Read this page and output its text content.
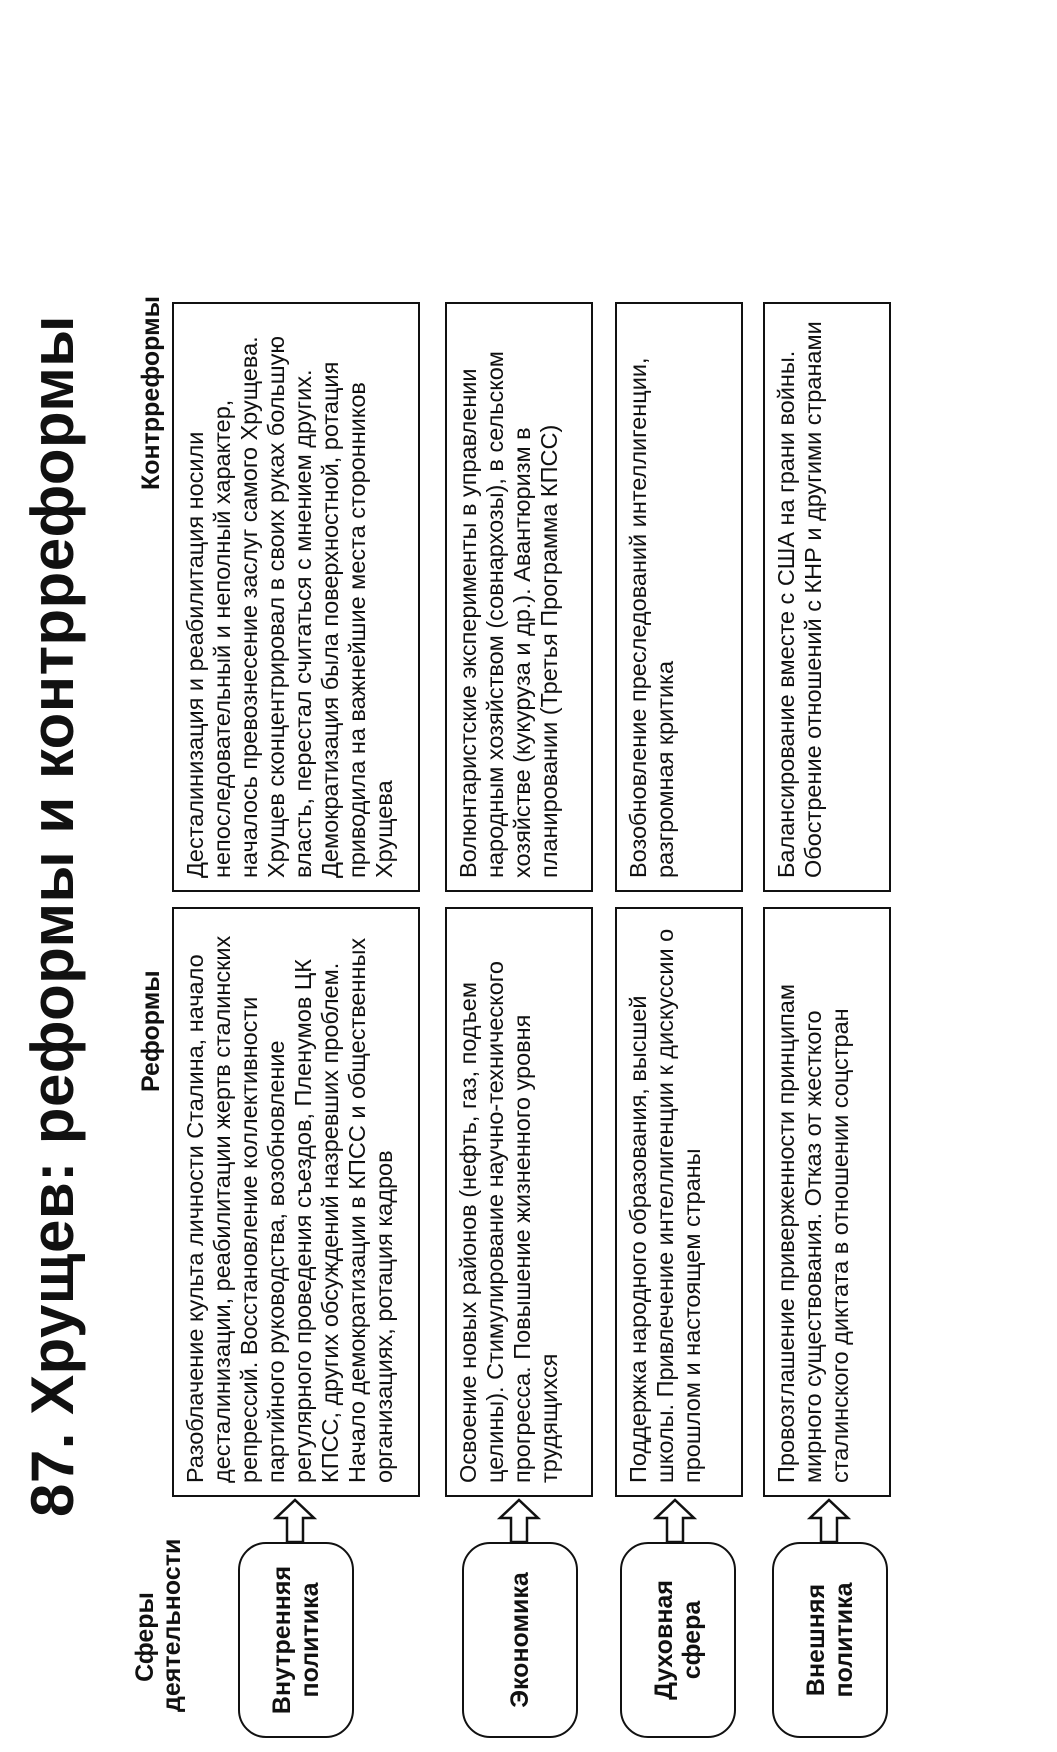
87. Хрущев: реформы и контрреформы
Сферы деятельности
Реформы
Контрреформы
Внутренняя политика
Разоблачение культа личности Сталина, начало десталинизации, реабилитации жертв сталинских репрессий. Восстановление коллективности партийного руководства, возобновление регулярного проведения съездов, Пленумов ЦК КПСС, других обсуждений назревших проблем. Начало демократизации в КПСС и общественных организациях, ротация кадров
Десталинизация и реабилитация носили непоследовательный и неполный характер, началось превознесение заслуг самого Хрущева. Хрущев сконцентрировал в своих руках большую власть, перестал считаться с мнением других. Демократизация была поверхностной, ротация приводила на важнейшие места сторонников Хрущева
Экономика
Освоение новых районов (нефть, газ, подъем целины). Стимулирование научно-технического прогресса. Повышение жизненного уровня трудящихся
Волюнтаристские эксперименты в управлении народным хозяйством (совнархозы), в сельском хозяйстве (кукуруза и др.). Авантюризм в планировании (Третья Программа КПСС)
Духовная сфера
Поддержка народного образования, высшей школы. Привлечение интеллигенции к дискуссии о прошлом и настоящем страны
Возобновление преследований интеллигенции, разгромная критика
Внешняя политика
Провозглашение приверженности принципам мирного существования. Отказ от жесткого сталинского диктата в отношении соцстран
Балансирование вместе с США на грани войны. Обострение отношений с КНР и другими странами
